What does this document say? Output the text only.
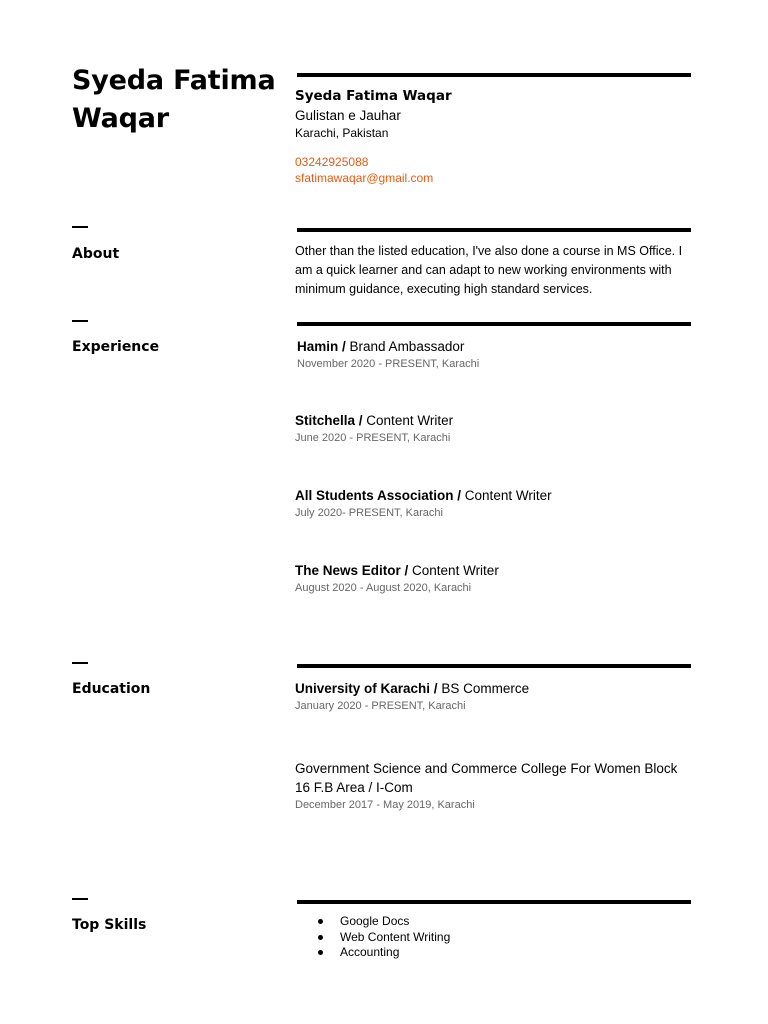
Syeda Fatima
Waqar
Syeda Fatima Waqar
Gulistan e Jauhar
Karachi, Pakistan
03242925088
sfatimawaqar@gmail.com
About	Other than the listed education, I've also done a course in MS Office. I am a quick learner and can adapt to new working environments with minimum guidance, executing high standard services.
Experience	Hamin / Brand Ambassador
November 2020 - PRESENT, Karachi
Stitchella / Content Writer
June 2020 - PRESENT, Karachi
All Students Association / Content Writer
July 2020- PRESENT, Karachi
The News Editor / Content Writer
August 2020 - August 2020, Karachi
Education	University of Karachi / BS Commerce
January 2020 - PRESENT, Karachi
Government Science and Commerce College For Women Block 16 F.B Area / I-Com
December 2017 - May 2019, Karachi
Top Skills	Google Docs
Web Content Writing
Accounting
